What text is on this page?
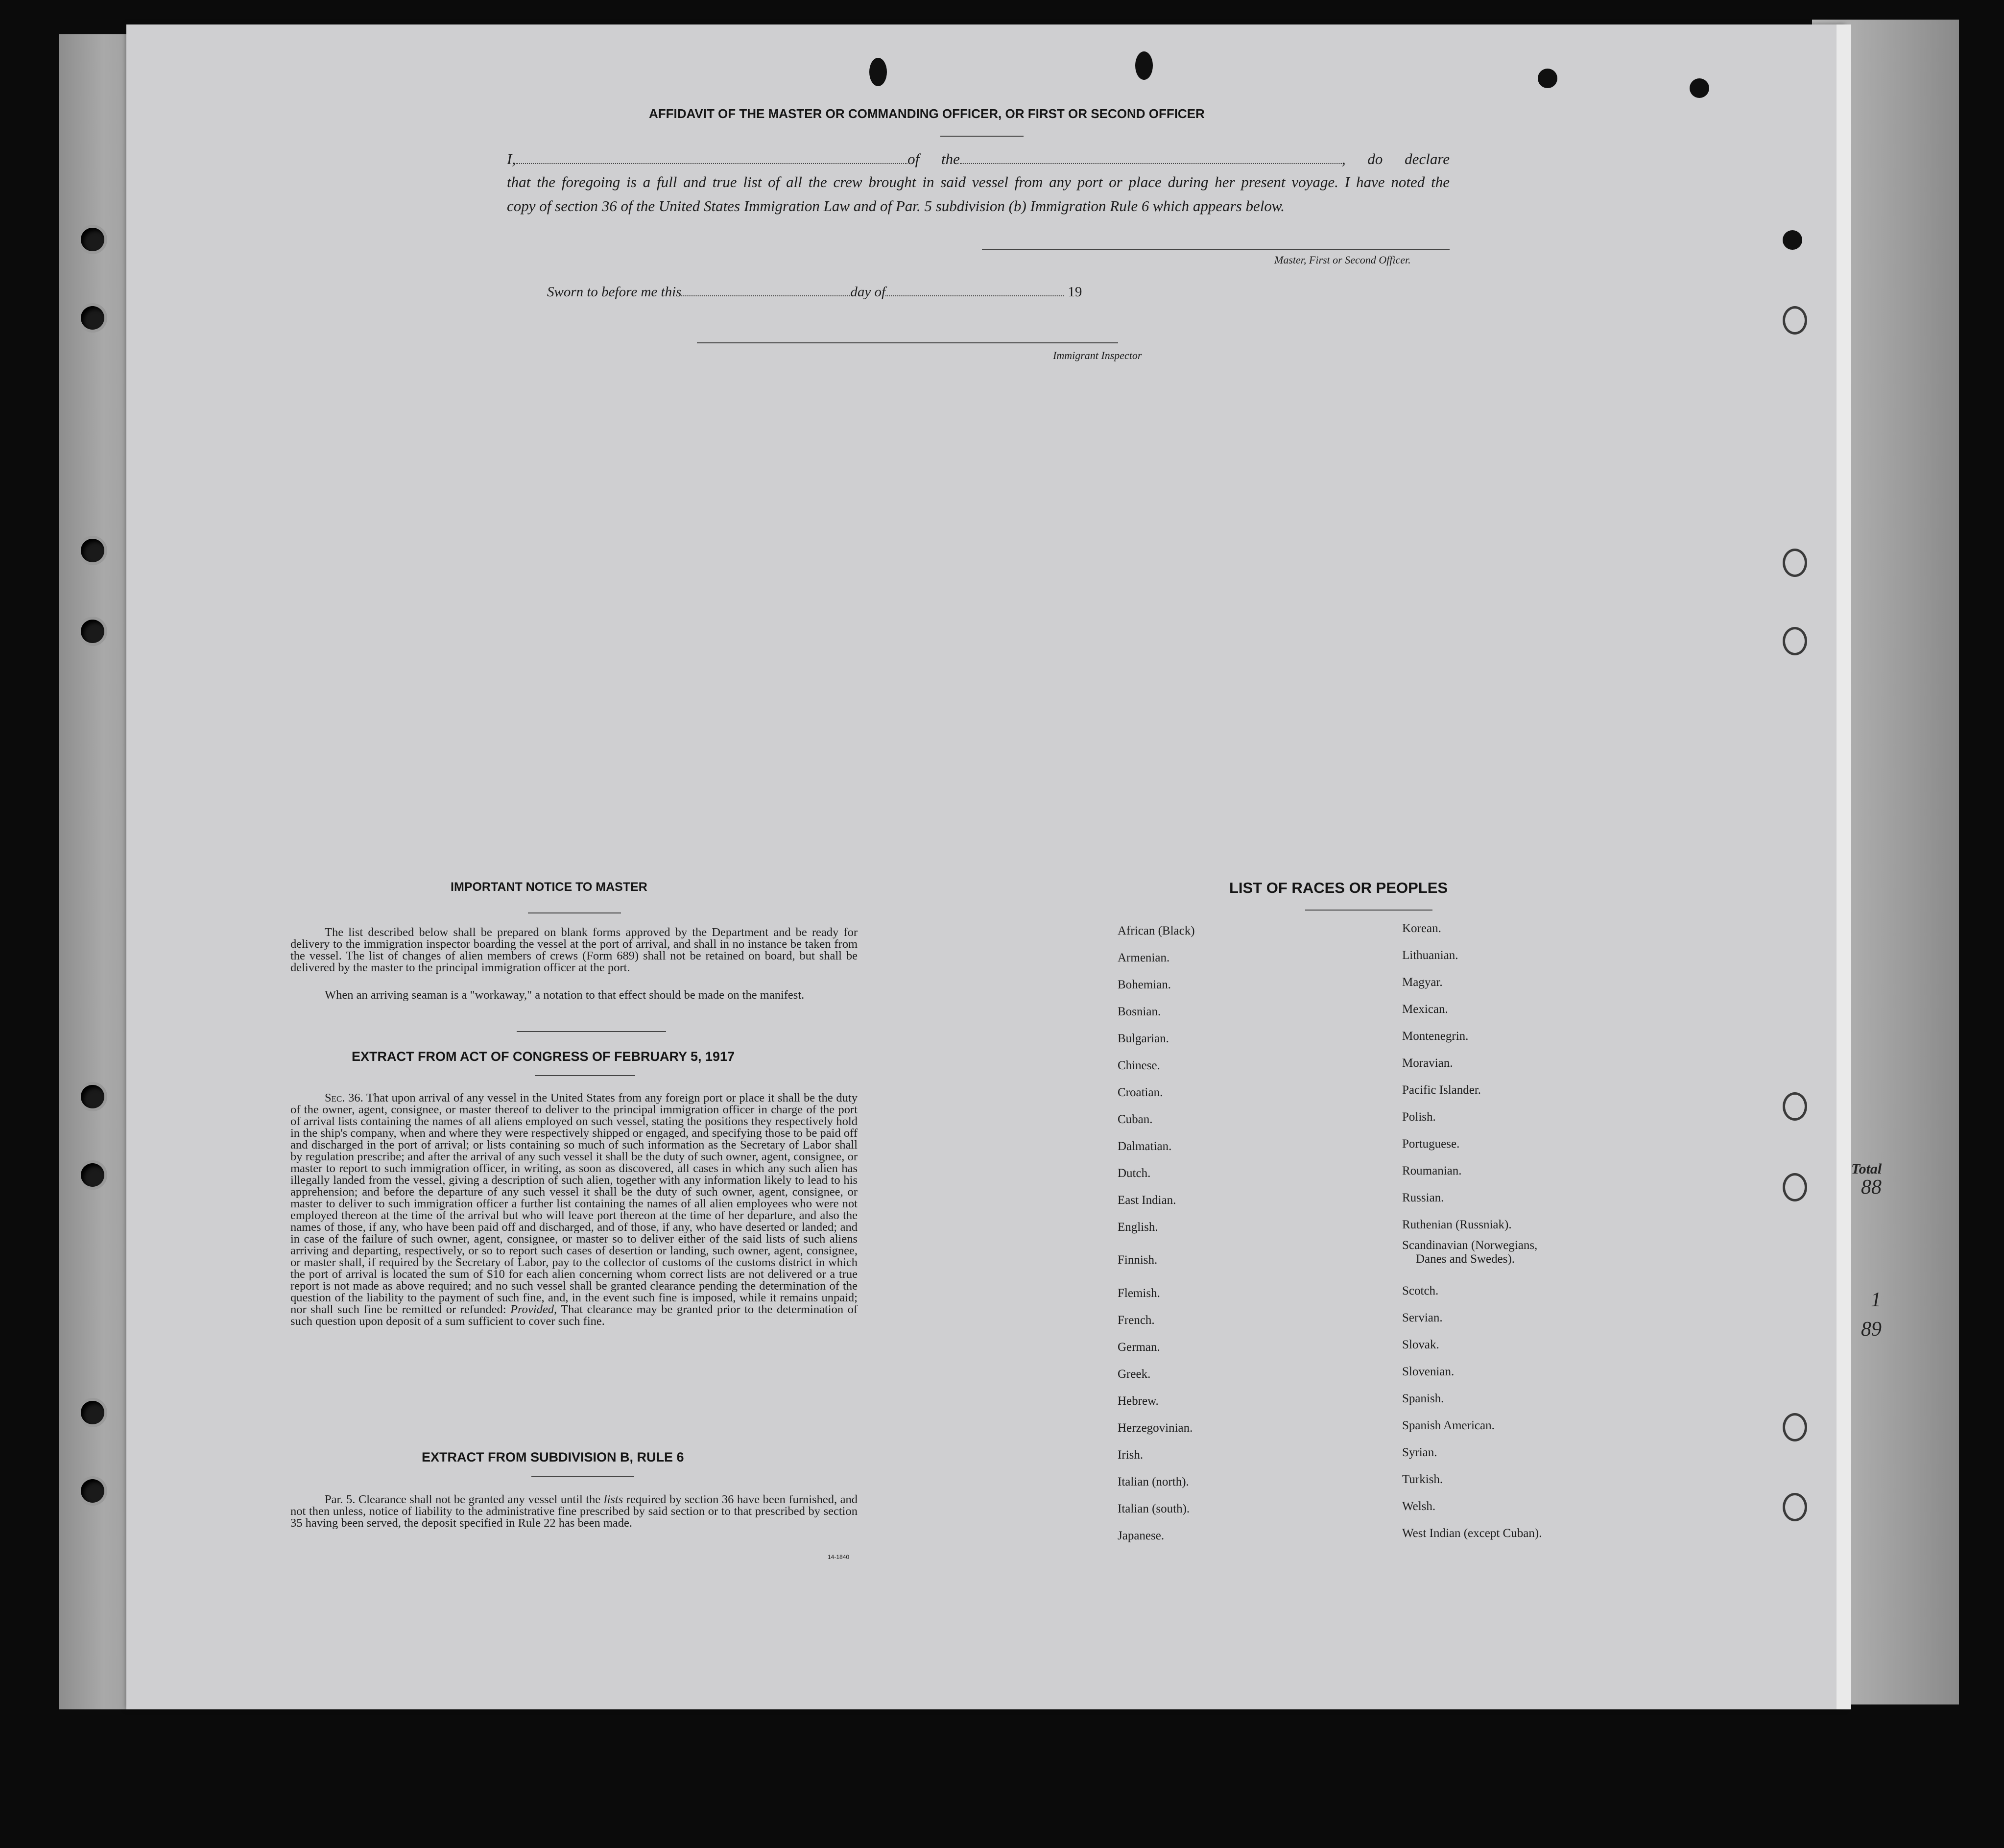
Total
88
1
89
AFFIDAVIT OF THE MASTER OR COMMANDING OFFICER, OR FIRST OR SECOND OFFICER
I,	of the	, do declare
that the foregoing is a full and true list of all the crew brought in said vessel from any port or place during her present voyage. I have noted the
copy of section 36 of the United States Immigration Law and of Par. 5 subdivision (b) Immigration Rule 6 which appears below.
Master, First or Second Officer.
Sworn to before me this	day of	19
Immigrant Inspector
IMPORTANT NOTICE TO MASTER
The list described below shall be prepared on blank forms approved by the Department and be ready for delivery to the immigration inspector boarding the vessel at the port of arrival, and shall in no instance be taken from the vessel. The list of changes of alien members of crews (Form 689) shall not be retained on board, but shall be delivered by the master to the principal immigration officer at the port.
When an arriving seaman is a "workaway," a notation to that effect should be made on the manifest.
EXTRACT FROM ACT OF CONGRESS OF FEBRUARY 5, 1917
Sec. 36. That upon arrival of any vessel in the United States from any foreign port or place it shall be the duty of the owner, agent, consignee, or master thereof to deliver to the principal immigration officer in charge of the port of arrival lists containing the names of all aliens employed on such vessel, stating the positions they respectively hold in the ship's company, when and where they were respectively shipped or engaged, and specifying those to be paid off and discharged in the port of arrival; or lists containing so much of such information as the Secretary of Labor shall by regulation prescribe; and after the arrival of any such vessel it shall be the duty of such owner, agent, consignee, or master to report to such immigration officer, in writing, as soon as discovered, all cases in which any such alien has illegally landed from the vessel, giving a description of such alien, together with any information likely to lead to his apprehension; and before the departure of any such vessel it shall be the duty of such owner, agent, consignee, or master to deliver to such immigration officer a further list containing the names of all alien employees who were not employed thereon at the time of the arrival but who will leave port thereon at the time of her departure, and also the names of those, if any, who have been paid off and discharged, and of those, if any, who have deserted or landed; and in case of the failure of such owner, agent, consignee, or master so to deliver either of the said lists of such aliens arriving and departing, respectively, or so to report such cases of desertion or landing, such owner, agent, consignee, or master shall, if required by the Secretary of Labor, pay to the collector of customs of the customs district in which the port of arrival is located the sum of $10 for each alien concerning whom correct lists are not delivered or a true report is not made as above required; and no such vessel shall be granted clearance pending the determination of the question of the liability to the payment of such fine, and, in the event such fine is imposed, while it remains unpaid; nor shall such fine be remitted or refunded: Provided, That clearance may be granted prior to the determination of such question upon deposit of a sum sufficient to cover such fine.
EXTRACT FROM SUBDIVISION B, RULE 6
Par. 5. Clearance shall not be granted any vessel until the lists required by section 36 have been furnished, and not then unless, notice of liability to the administrative fine prescribed by said section or to that prescribed by section 35 having been served, the deposit specified in Rule 22 has been made.
14-1840
LIST OF RACES OR PEOPLES
African (Black)
Armenian.
Bohemian.
Bosnian.
Bulgarian.
Chinese.
Croatian.
Cuban.
Dalmatian.
Dutch.
East Indian.
English.
Finnish.
Flemish.
French.
German.
Greek.
Hebrew.
Herzegovinian.
Irish.
Italian (north).
Italian (south).
Japanese.
Korean.
Lithuanian.
Magyar.
Mexican.
Montenegrin.
Moravian.
Pacific Islander.
Polish.
Portuguese.
Roumanian.
Russian.
Ruthenian (Russniak).
Scandinavian (Norwegians,
Danes and Swedes).
Scotch.
Servian.
Slovak.
Slovenian.
Spanish.
Spanish American.
Syrian.
Turkish.
Welsh.
West Indian (except Cuban).
